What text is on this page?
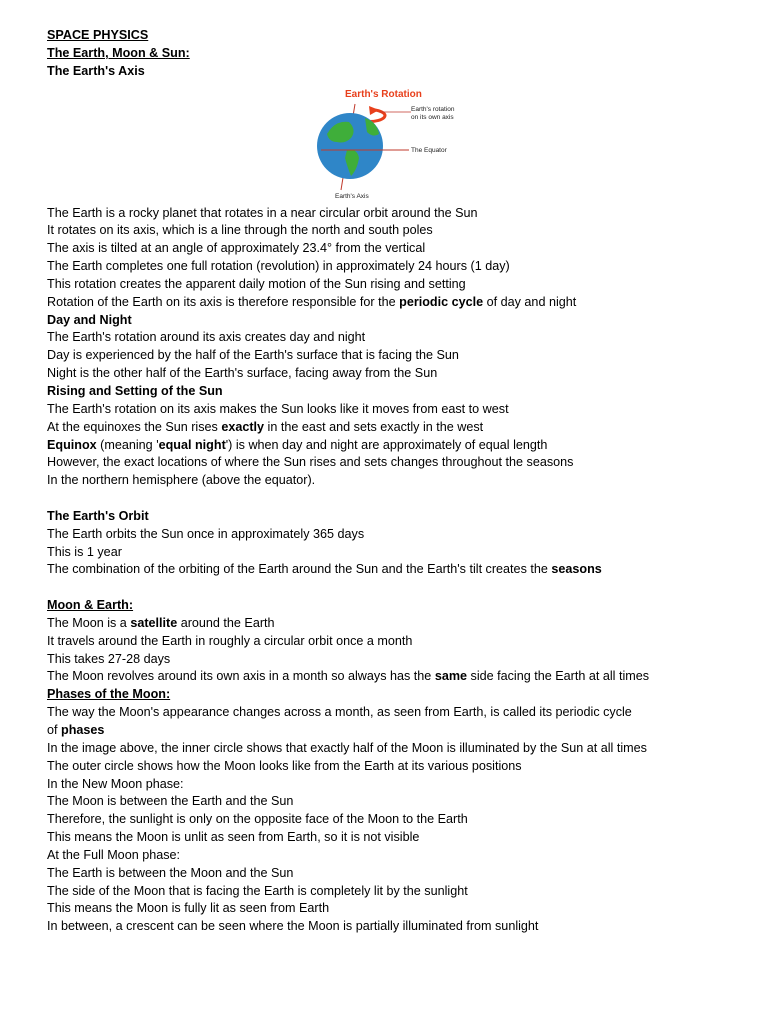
SPACE PHYSICS
The Earth, Moon & Sun:
The Earth's Axis
Earth's Rotation
Earth's rotation
on its own axis
The Equator
Earth's Axis
The Earth is a rocky planet that rotates in a near circular orbit around the Sun
It rotates on its axis, which is a line through the north and south poles
The axis is tilted at an angle of approximately 23.4° from the vertical
The Earth completes one full rotation (revolution) in approximately 24 hours (1 day)
This rotation creates the apparent daily motion of the Sun rising and setting
Rotation of the Earth on its axis is therefore responsible for the periodic cycle of day and night
Day and Night
The Earth's rotation around its axis creates day and night
Day is experienced by the half of the Earth's surface that is facing the Sun
Night is the other half of the Earth's surface, facing away from the Sun
Rising and Setting of the Sun
The Earth's rotation on its axis makes the Sun looks like it moves from east to west
At the equinoxes the Sun rises exactly in the east and sets exactly in the west
Equinox (meaning 'equal night') is when day and night are approximately of equal length
However, the exact locations of where the Sun rises and sets changes throughout the seasons
In the northern hemisphere (above the equator).
The Earth's Orbit
The Earth orbits the Sun once in approximately 365 days
This is 1 year
The combination of the orbiting of the Earth around the Sun and the Earth's tilt creates the seasons
Moon & Earth:
The Moon is a satellite around the Earth
It travels around the Earth in roughly a circular orbit once a month
This takes 27-28 days
The Moon revolves around its own axis in a month so always has the same side facing the Earth at all times
Phases of the Moon:
The way the Moon's appearance changes across a month, as seen from Earth, is called its periodic cycle
of phases
In the image above, the inner circle shows that exactly half of the Moon is illuminated by the Sun at all times
The outer circle shows how the Moon looks like from the Earth at its various positions
In the New Moon phase:
The Moon is between the Earth and the Sun
Therefore, the sunlight is only on the opposite face of the Moon to the Earth
This means the Moon is unlit as seen from Earth, so it is not visible
At the Full Moon phase:
The Earth is between the Moon and the Sun
The side of the Moon that is facing the Earth is completely lit by the sunlight
This means the Moon is fully lit as seen from Earth
In between, a crescent can be seen where the Moon is partially illuminated from sunlight
